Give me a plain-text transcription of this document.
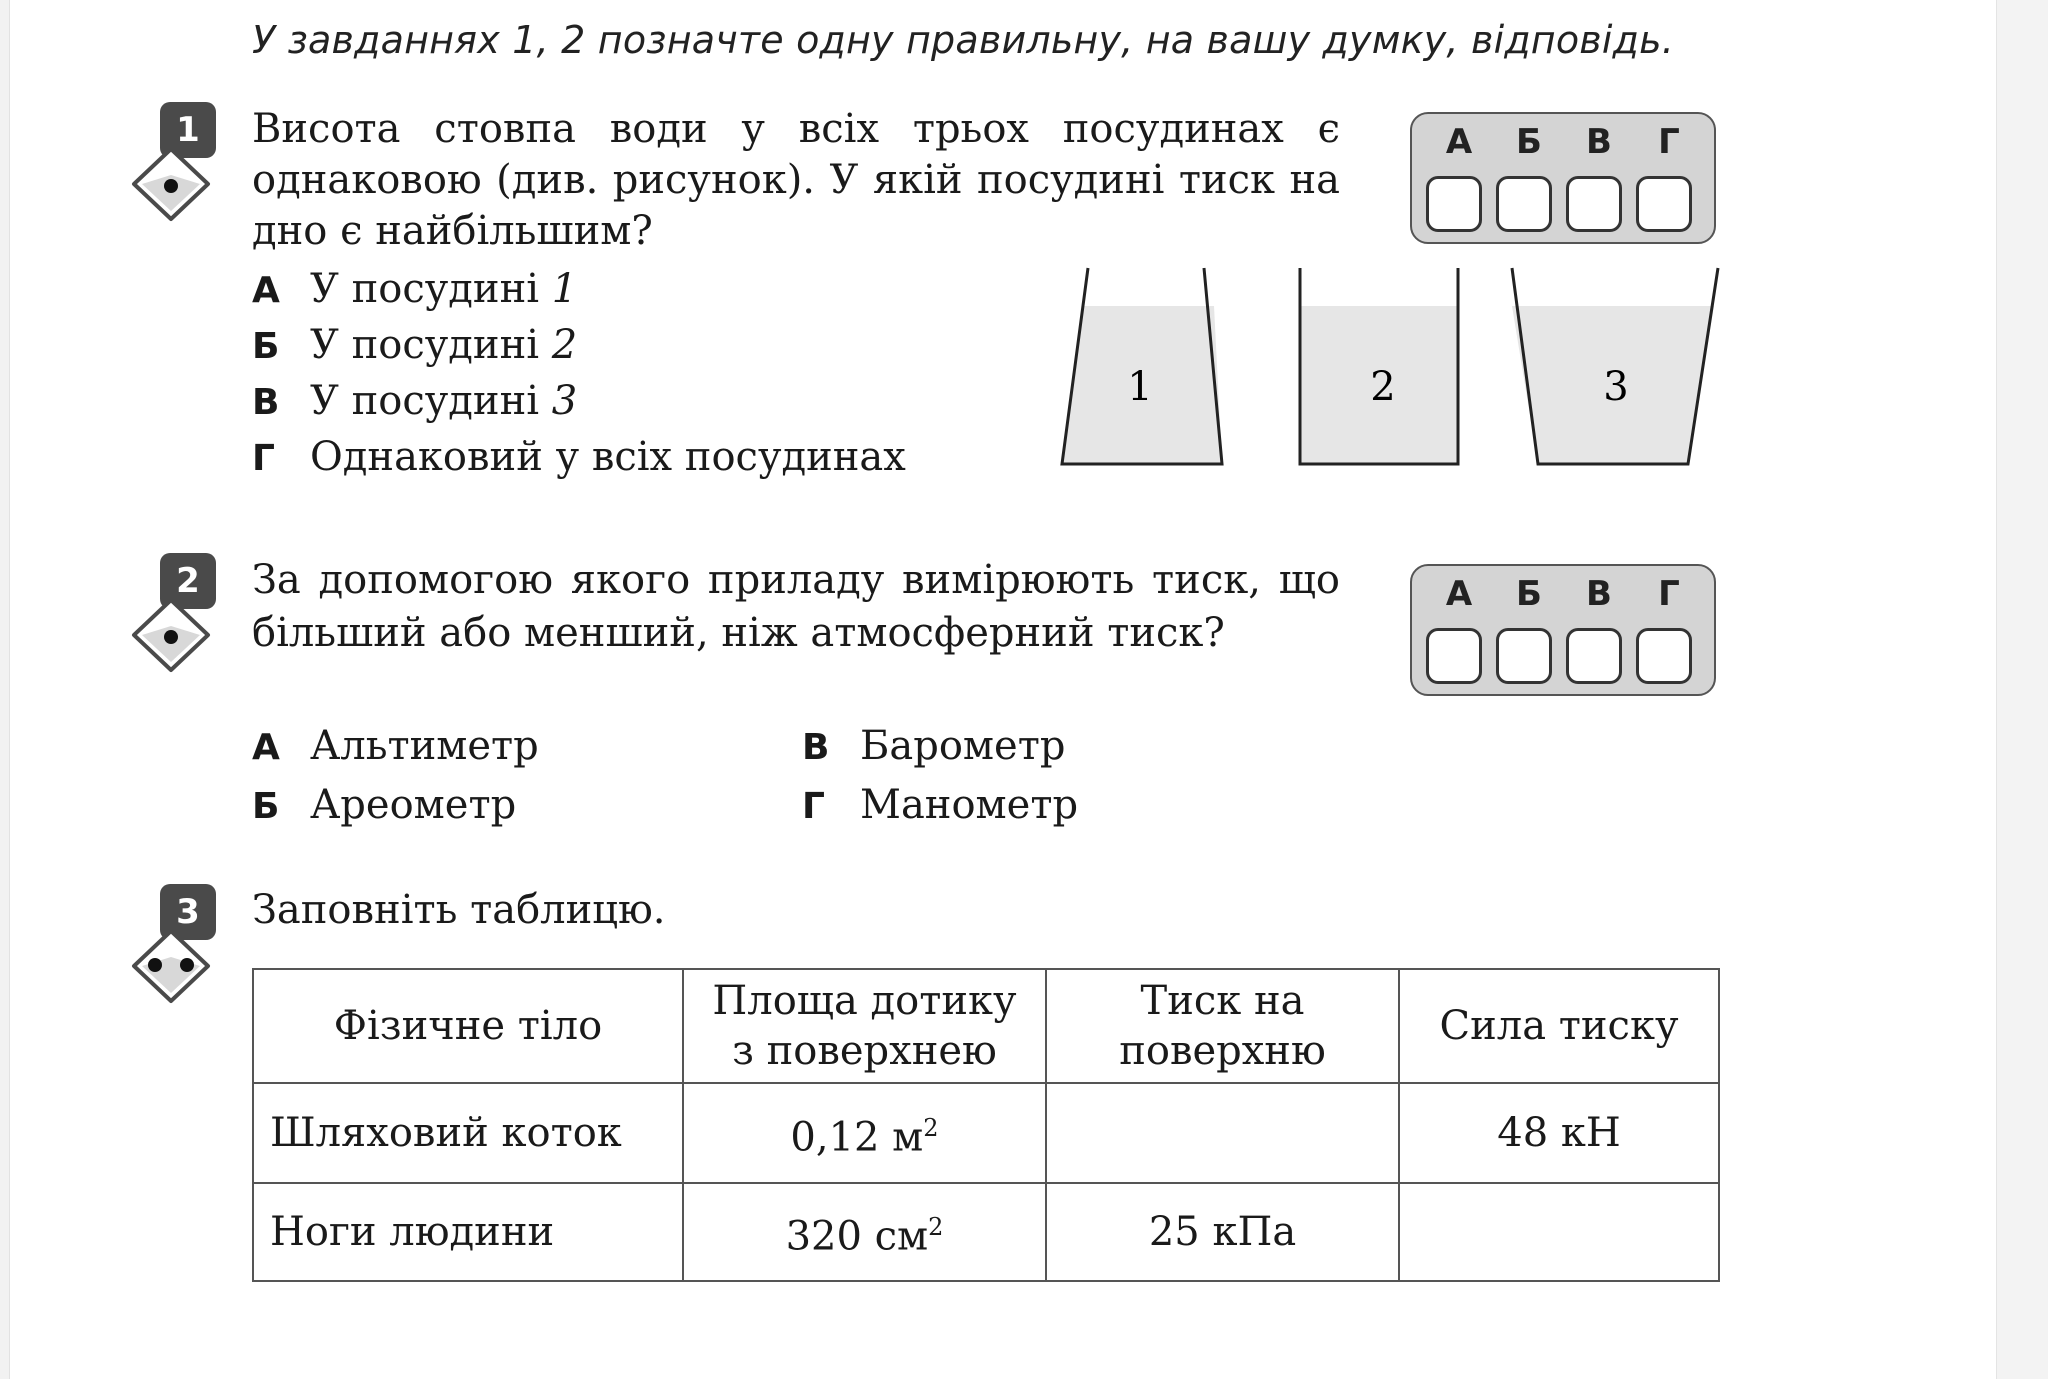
У завданнях 1, 2 позначте одну правильну, на вашу думку, відповідь.
1	Висота стовпа води у всіх трьох посудинах є однаковою (див. рисунок). У якій посудині тиск на дно є найбільшим?

А	Б	В	Г
А У посудині 1
Б У посудині 2
В У посудині 3
Г Однаковий у всіх посудинах
1	2	3
2	За допомогою якого приладу вимірюють тиск, що більший або менший, ніж атмосферний тиск?

А	Б	В	Г
А Альтиметр
Б Ареометр
В Барометр
Г Манометр
3	Заповніть таблицю.
Фізичне тіло	Площа дотику з поверхнею	Тиск на поверхню	Сила тиску
Шляховий коток	0,12 $м^2$		48 кН
Ноги людини	320 $см^2$	25 кПа	
